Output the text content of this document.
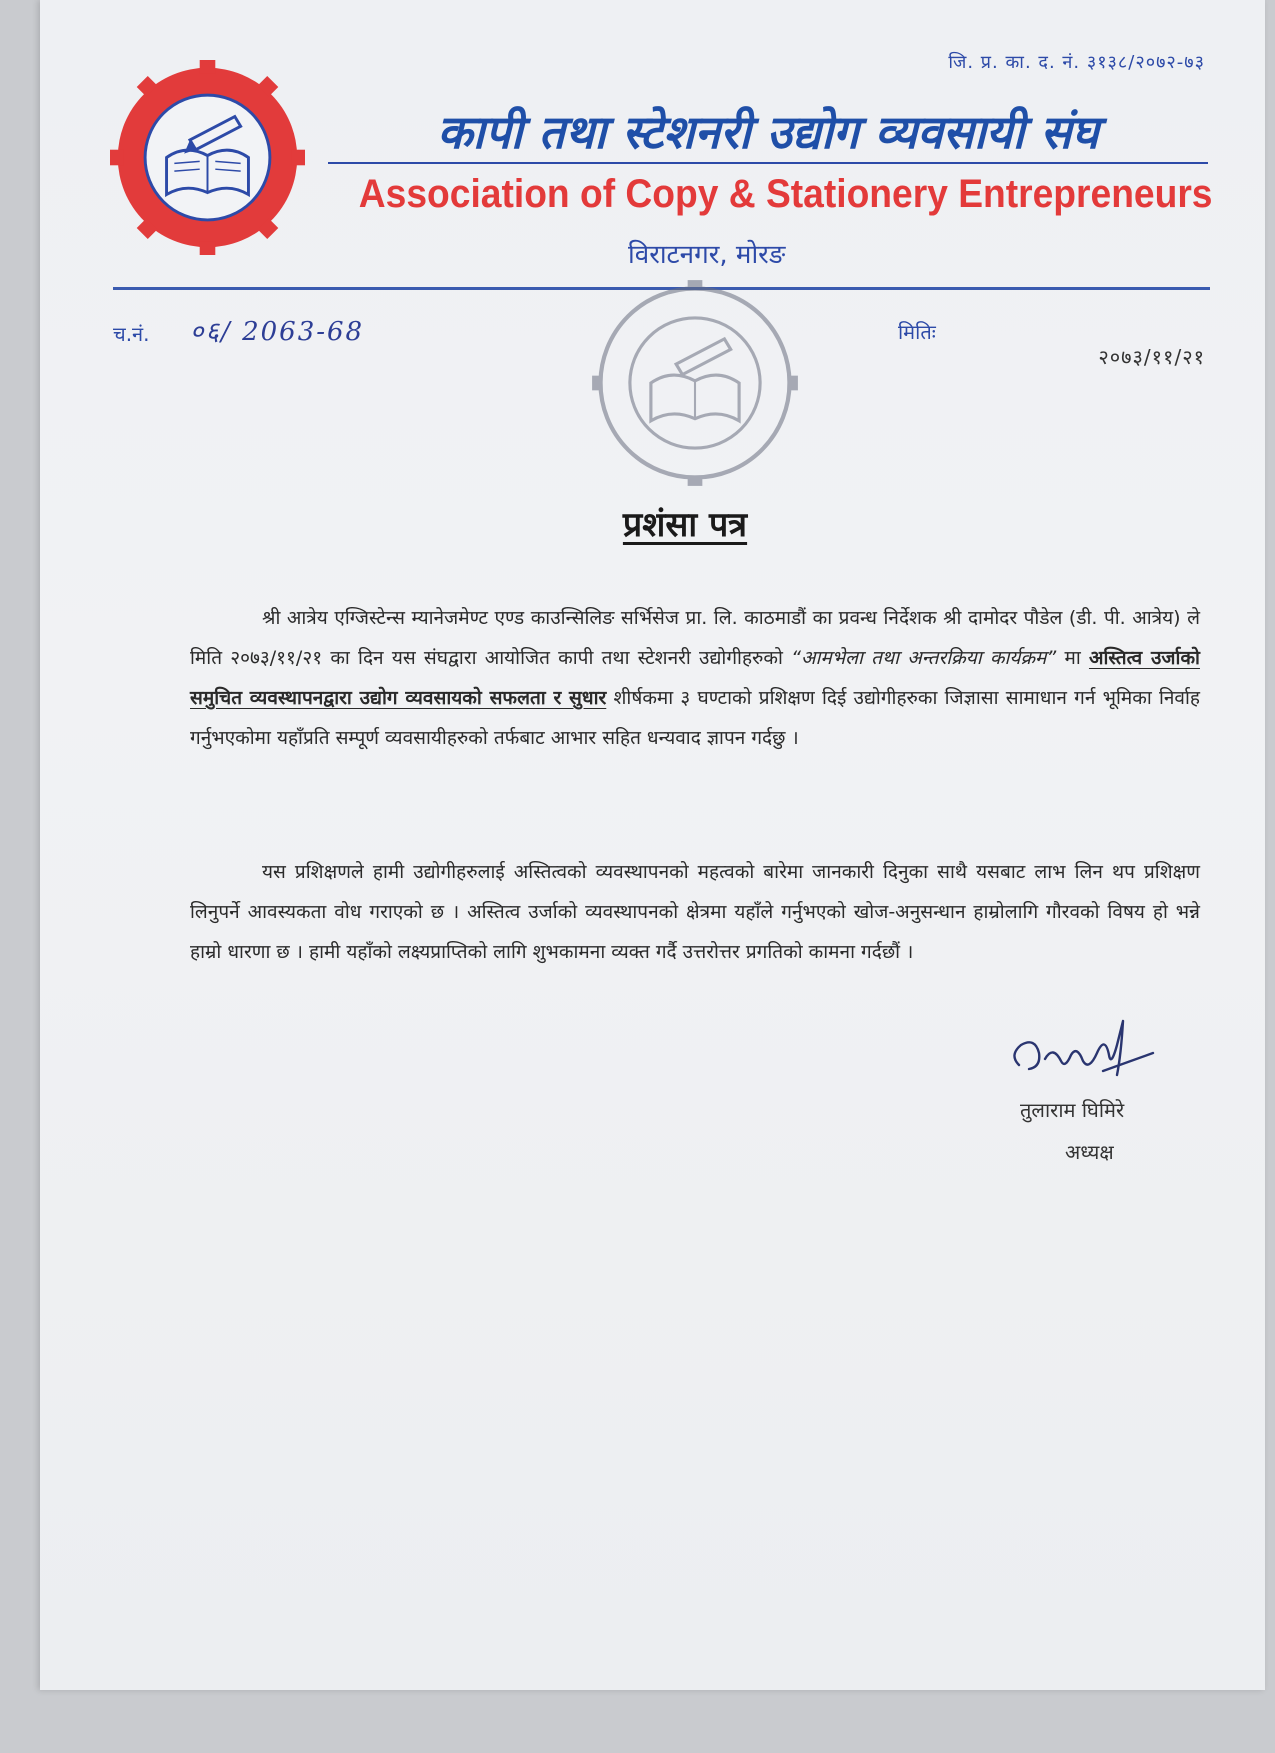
जि. प्र. का. द. नं. ३१३८/२०७२-७३
कापी तथा स्टेशनरी उद्योग व्यवसायी संघ
Association of Copy & Stationery Entrepreneurs
विराटनगर, मोरङ
च.नं. ०६/ 2063-68	मितिः
२०७३/११/२१
प्रशंसा पत्र
श्री आत्रेय एग्जिस्टेन्स म्यानेजमेण्ट एण्ड काउन्सिलिङ सर्भिसेज प्रा. लि. काठमाडौं का प्रवन्ध निर्देशक श्री दामोदर पौडेल (डी. पी. आत्रेय) ले मिति २०७३/११/२१ का दिन यस संघद्वारा आयोजित कापी तथा स्टेशनरी उद्योगीहरुको “आमभेला तथा अन्तरक्रिया कार्यक्रम” मा अस्तित्व उर्जाको समुचित व्यवस्थापनद्वारा उद्योग व्यवसायको सफलता र सुधार शीर्षकमा ३ घण्टाको प्रशिक्षण दिई उद्योगीहरुका जिज्ञासा सामाधान गर्न भूमिका निर्वाह गर्नुभएकोमा यहाँप्रति सम्पूर्ण व्यवसायीहरुको तर्फबाट आभार सहित धन्यवाद ज्ञापन गर्दछु ।
यस प्रशिक्षणले हामी उद्योगीहरुलाई अस्तित्वको व्यवस्थापनको महत्वको बारेमा जानकारी दिनुका साथै यसबाट लाभ लिन थप प्रशिक्षण लिनुपर्ने आवस्यकता वोध गराएको छ । अस्तित्व उर्जाको व्यवस्थापनको क्षेत्रमा यहाँले गर्नुभएको खोज-अनुसन्धान हाम्रोलागि गौरवको विषय हो भन्ने हाम्रो धारणा छ । हामी यहाँको लक्ष्यप्राप्तिको लागि शुभकामना व्यक्त गर्दै उत्तरोत्तर प्रगतिको कामना गर्दछौं ।
तुलाराम घिमिरे
अध्यक्ष
